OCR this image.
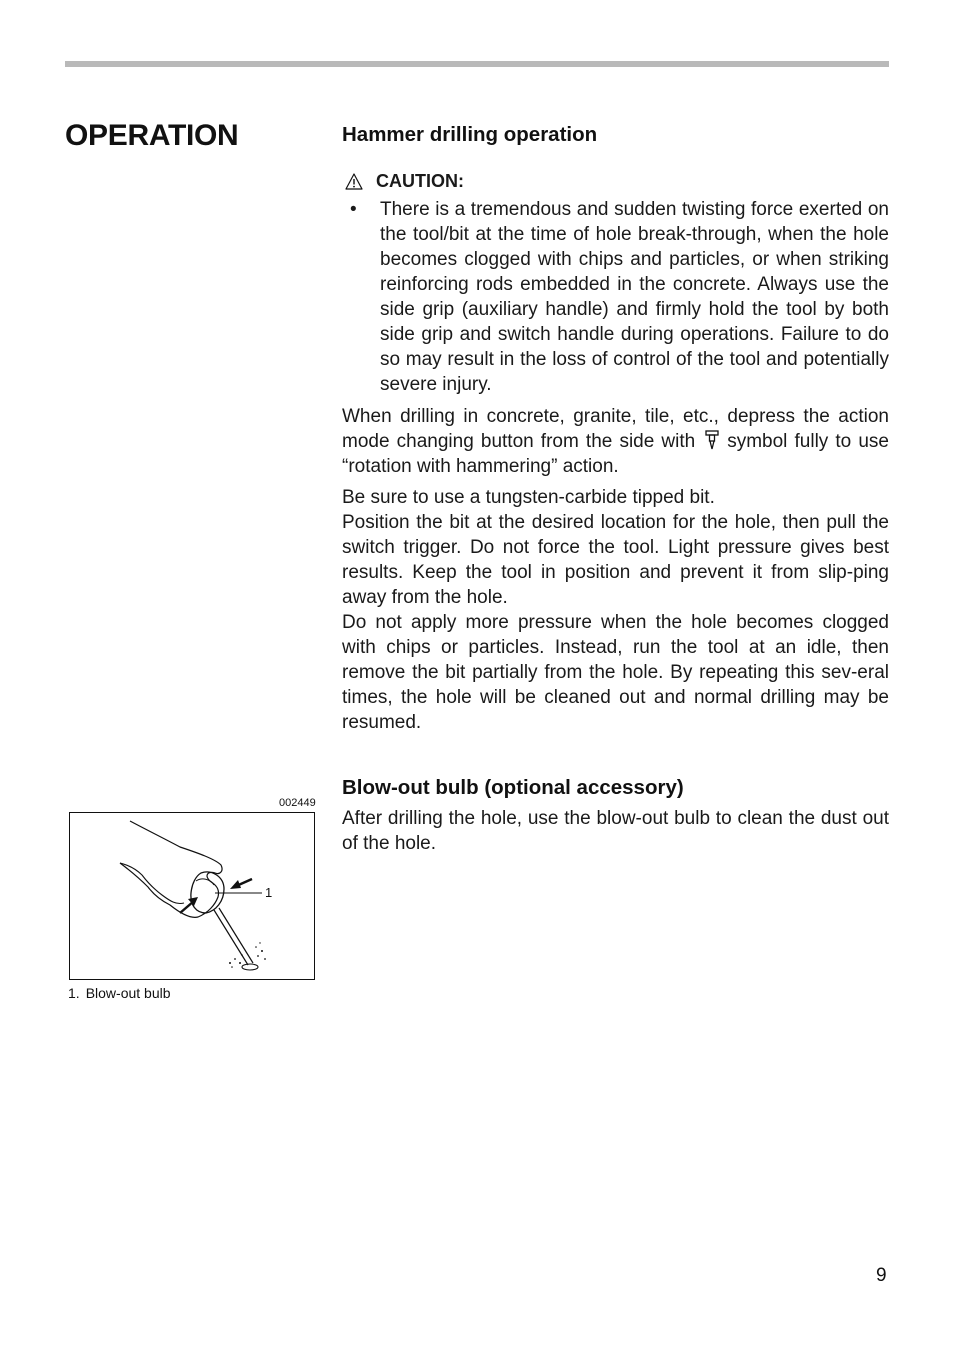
OPERATION	Hammer drilling operation
CAUTION:
•	There is a tremendous and sudden twisting force exerted on the tool/bit at the time of hole break-through, when the hole becomes clogged with chips and particles, or when striking reinforcing rods embedded in the concrete. Always use the side grip (auxiliary handle) and firmly hold the tool by both side grip and switch handle during operations. Failure to do so may result in the loss of control of the tool and potentially severe injury.

When drilling in concrete, granite, tile, etc., depress the action mode changing button from the side with symbol fully to use “rotation with hammering” action.

Be sure to use a tungsten-carbide tipped bit.

Position the bit at the desired location for the hole, then pull the switch trigger. Do not force the tool. Light pressure gives best results. Keep the tool in position and prevent it from slip-ping away from the hole.

Do not apply more pressure when the hole becomes clogged with chips or particles. Instead, run the tool at an idle, then remove the bit partially from the hole. By repeating this sev-eral times, the hole will be cleaned out and normal drilling may be resumed.

Blow-out bulb (optional accessory)

After drilling the hole, use the blow-out bulb to clean the dust out of the hole.

002449
1
1. Blow-out bulb
9
